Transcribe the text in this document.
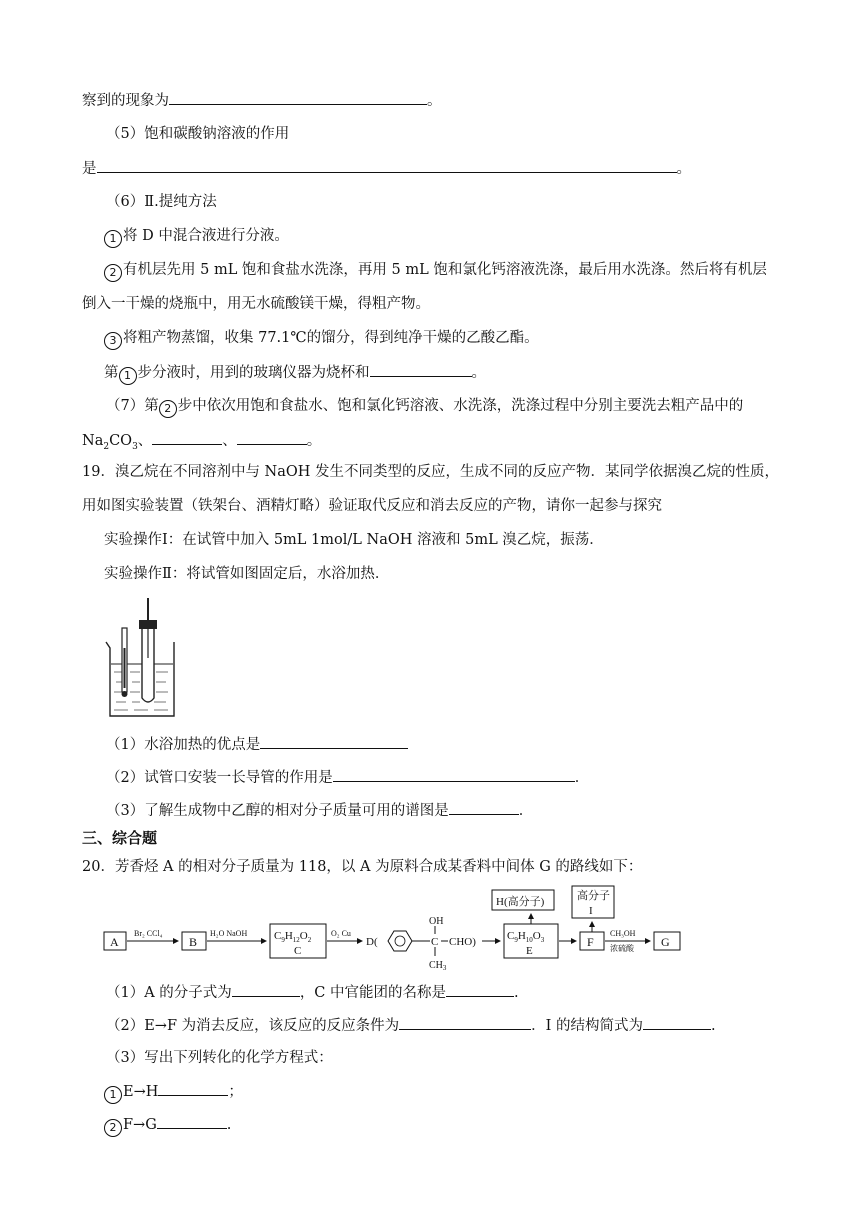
察到的现象为	。
（5）饱和碳酸钠溶液的作用
是	。
（6）Ⅱ.提纯方法
1 将 D 中混合液进行分液。
2 有机层先用 5 mL 饱和食盐水洗涤，再用 5 mL 饱和氯化钙溶液洗涤，最后用水洗涤。然后将有机层
倒入一干燥的烧瓶中，用无水硫酸镁干燥，得粗产物。
3 将粗产物蒸馏，收集 77.1℃的馏分，得到纯净干燥的乙酸乙酯。
第 1 步分液时，用到的玻璃仪器为烧杯和	。
（7）第 2 步中依次用饱和食盐水、饱和氯化钙溶液、水洗涤，洗涤过程中分别主要洗去粗产品中的
$Na_2CO_3$、	、	。
19．溴乙烷在不同溶剂中与 NaOH 发生不同类型的反应，生成不同的反应产物．某同学依据溴乙烷的性质，
用如图实验装置（铁架台、酒精灯略）验证取代反应和消去反应的产物，请你一起参与探究
实验操作Ⅰ：在试管中加入 5mL 1mol/L NaOH 溶液和 5mL 溴乙烷，振荡．
实验操作Ⅱ：将试管如图固定后，水浴加热．
（1）水浴加热的优点是
（2）试管口安装一长导管的作用是	．
（3）了解生成物中乙醇的相对分子质量可用的谱图是	．
三、综合题
20．芳香烃 A 的相对分子质量为 118，以 A 为原料合成某香料中间体 G 的路线如下：
A
Br₂ CCl₄
B
H₂O NaOH $C_9H_{12}O_2$
C
O₂ Cu
D(	C
OH
$CH_3$
CHO)	$C_9H_{10}O_3$
E
H(高分子)
F
高分子
I
CH₃OH
浓硫酸 G
（1）A 的分子式为	，C 中官能团的名称是	.
（2）E→F 为消去反应，该反应的反应条件为	．I 的结构简式为	.
（3）写出下列转化的化学方程式：
1 E→H	；
2 F→G	.
